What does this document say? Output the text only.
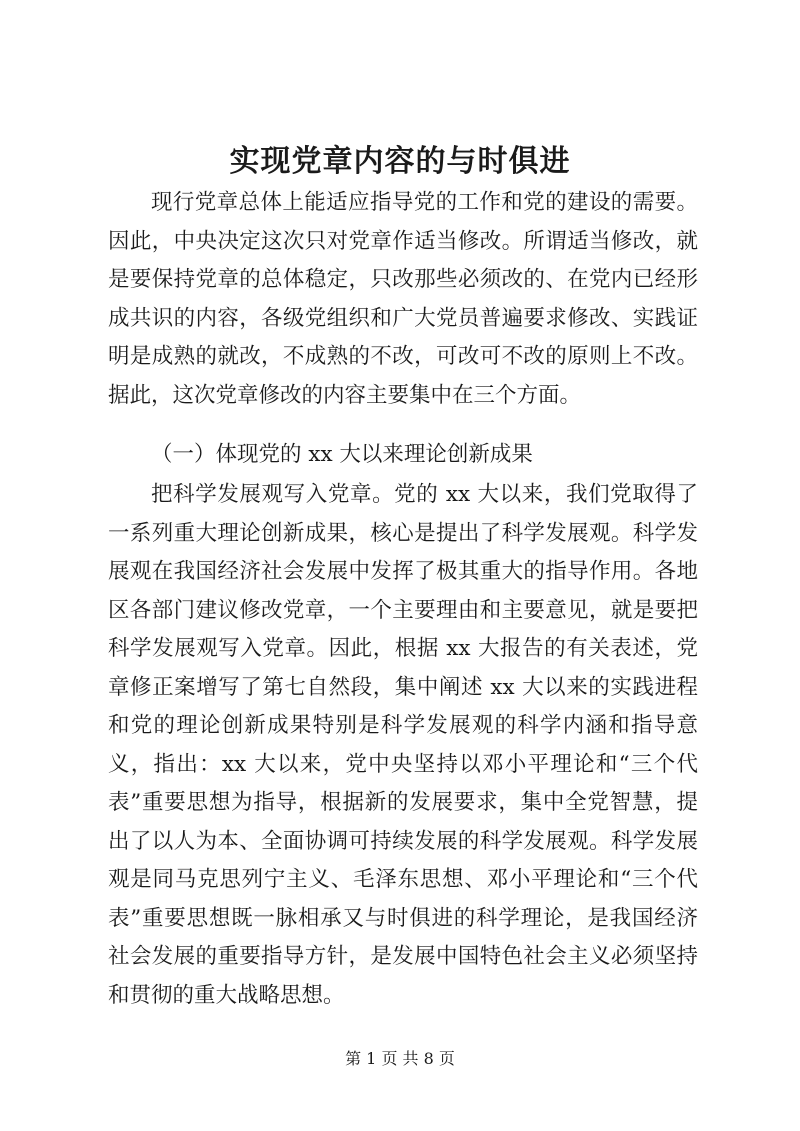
实现党章内容的与时俱进

现行党章总体上能适应指导党的工作和党的建设的需要。因此，中央决定这次只对党章作适当修改。所谓适当修改，就是要保持党章的总体稳定，只改那些必须改的、在党内已经形成共识的内容，各级党组织和广大党员普遍要求修改、实践证明是成熟的就改，不成熟的不改，可改可不改的原则上不改。据此，这次党章修改的内容主要集中在三个方面。

（一）体现党的 xx 大以来理论创新成果

把科学发展观写入党章。党的 xx 大以来，我们党取得了一系列重大理论创新成果，核心是提出了科学发展观。科学发展观在我国经济社会发展中发挥了极其重大的指导作用。各地区各部门建议修改党章，一个主要理由和主要意见，就是要把科学发展观写入党章。因此，根据 xx 大报告的有关表述，党章修正案增写了第七自然段，集中阐述 xx 大以来的实践进程和党的理论创新成果特别是科学发展观的科学内涵和指导意义，指出：xx 大以来，党中央坚持以邓小平理论和“三个代表”重要思想为指导，根据新的发展要求，集中全党智慧，提出了以人为本、全面协调可持续发展的科学发展观。科学发展观是同马克思列宁主义、毛泽东思想、邓小平理论和“三个代表”重要思想既一脉相承又与时俱进的科学理论，是我国经济社会发展的重要指导方针，是发展中国特色社会主义必须坚持和贯彻的重大战略思想。

第 1 页 共 8 页
